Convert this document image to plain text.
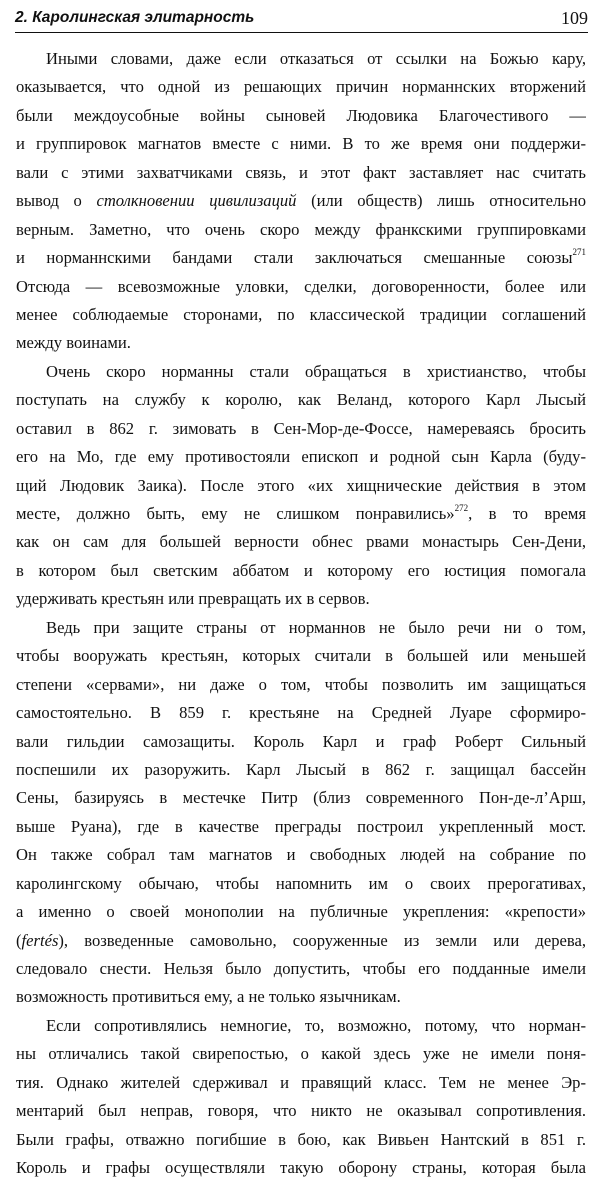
2. Каролингская элитарность	109
Иными словами, даже если отказаться от ссылки на Божью кару,
оказывается, что одной из решающих причин норманнских вторжений
были междоусобные войны сыновей Людовика Благочестивого —
и группировок магнатов вместе с ними. В то же время они поддержи-
вали с этими захватчиками связь, и этот факт заставляет нас считать
вывод о столкновении цивилизаций (или обществ) лишь относительно
верным. Заметно, что очень скоро между франкскими группировками
и норманнскими бандами стали заключаться смешанные союзы$^{271}$
Отсюда — всевозможные уловки, сделки, договоренности, более или
менее соблюдаемые сторонами, по классической традиции соглашений
между воинами.
Очень скоро норманны стали обращаться в христианство, чтобы
поступать на службу к королю, как Веланд, которого Карл Лысый
оставил в 862 г. зимовать в Сен-Мор-де-Фоссе, намереваясь бросить
его на Мо, где ему противостояли епископ и родной сын Карла (буду-
щий Людовик Заика). После этого «их хищнические действия в этом
месте, должно быть, ему не слишком понравились»$^{272}$, в то время
как он сам для большей верности обнес рвами монастырь Сен-Дени,
в котором был светским аббатом и которому его юстиция помогала
удерживать крестьян или превращать их в сервов.
Ведь при защите страны от норманнов не было речи ни о том,
чтобы вооружать крестьян, которых считали в большей или меньшей
степени «сервами», ни даже о том, чтобы позволить им защищаться
самостоятельно. В 859 г. крестьяне на Средней Луаре сформиро-
вали гильдии самозащиты. Король Карл и граф Роберт Сильный
поспешили их разоружить. Карл Лысый в 862 г. защищал бассейн
Сены, базируясь в местечке Питр (близ современного Пон-де-л’Арш,
выше Руана), где в качестве преграды построил укрепленный мост.
Он также собрал там магнатов и свободных людей на собрание по
каролингскому обычаю, чтобы напомнить им о своих прерогативах,
а именно о своей монополии на публичные укрепления: «крепости»
(fertés), возведенные самовольно, сооруженные из земли или дерева,
следовало снести. Нельзя было допустить, чтобы его подданные имели
возможность противиться ему, а не только язычникам.
Если сопротивлялись немногие, то, возможно, потому, что норман-
ны отличались такой свирепостью, о какой здесь уже не имели поня-
тия. Однако жителей сдерживал и правящий класс. Тем не менее Эр-
ментарий был неправ, говоря, что никто не оказывал сопротивления.
Были графы, отважно погибшие в бою, как Вивьен Нантский в 851 г.
Король и графы осуществляли такую оборону страны, которая была
